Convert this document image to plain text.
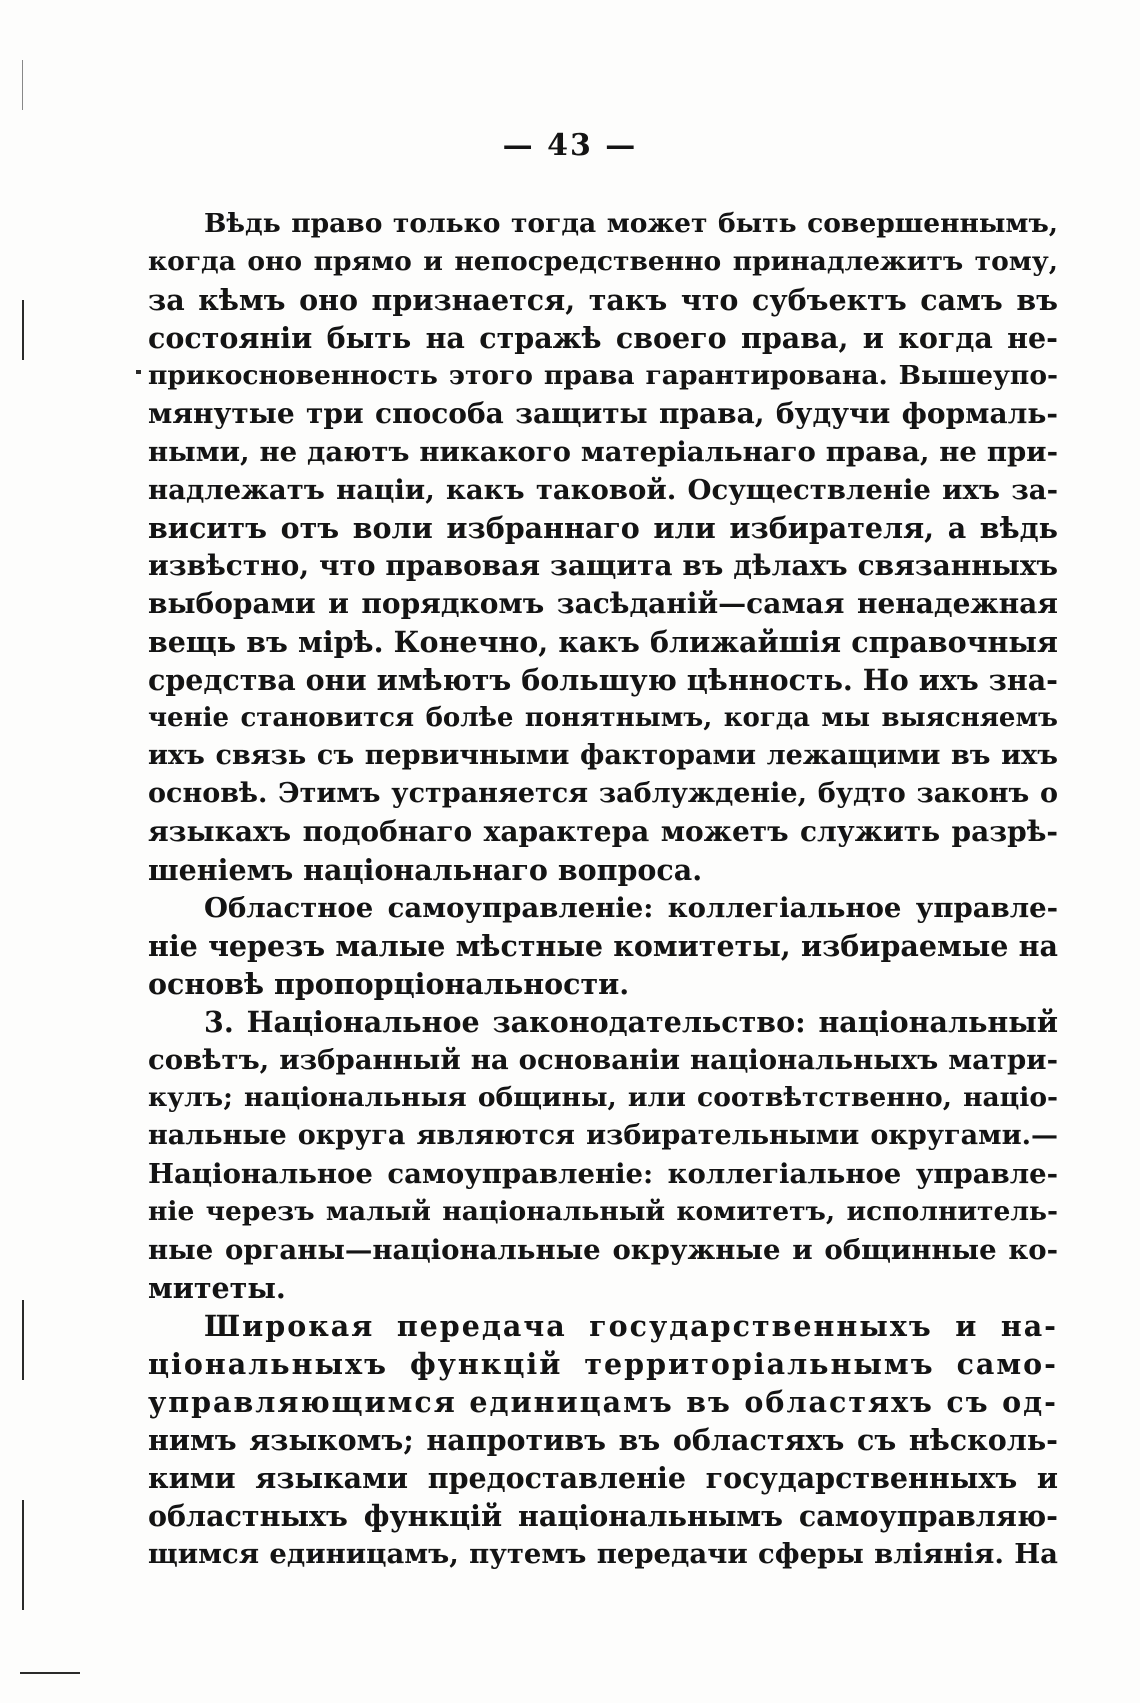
— 43 —
Вѣдь право только тогда может быть совершеннымъ,
когда оно прямо и непосредственно принадлежитъ тому,
за кѣмъ оно признается, такъ что субъектъ самъ въ
состояніи быть на стражѣ своего права, и когда не-
прикосновенность этого права гарантирована. Вышеупо-
мянутые три способа защиты права, будучи формаль-
ными, не даютъ никакого матеріальнаго права, не при-
надлежатъ націи, какъ таковой. Осуществленіе ихъ за-
виситъ отъ воли избраннаго или избирателя, а вѣдь
извѣстно, что правовая защита въ дѣлахъ связанныхъ
выборами и порядкомъ засѣданій—самая ненадежная
вещь въ мірѣ. Конечно, какъ ближайшія справочныя
средства они имѣютъ большую цѣнность. Но ихъ зна-
ченіе становится болѣе понятнымъ, когда мы выясняемъ
ихъ связь съ первичными факторами лежащими въ ихъ
основѣ. Этимъ устраняется заблужденіе, будто законъ о
языкахъ подобнаго характера можетъ служить разрѣ-
шеніемъ національнаго вопроса.
Областное самоуправленіе: коллегіальное управле-
ніе черезъ малые мѣстные комитеты, избираемые на
основѣ пропорціональности.
3. Національное законодательство: національный
совѣтъ, избранный на основаніи національныхъ матри-
кулъ; національныя общины, или соотвѣтственно, націо-
нальные округа являются избирательными округами.—
Національное самоуправленіе: коллегіальное управле-
ніе черезъ малый національный комитетъ, исполнитель-
ные органы—національные окружные и общинные ко-
митеты.
Широкая передача государственныхъ и на-
ціональныхъ функцій территоріальнымъ само-
управляющимся единицамъ въ областяхъ съ од-
нимъ языкомъ; напротивъ въ областяхъ съ нѣсколь-
кими языками предоставленіе государственныхъ и
областныхъ функцій національнымъ самоуправляю-
щимся единицамъ, путемъ передачи сферы вліянія. На
